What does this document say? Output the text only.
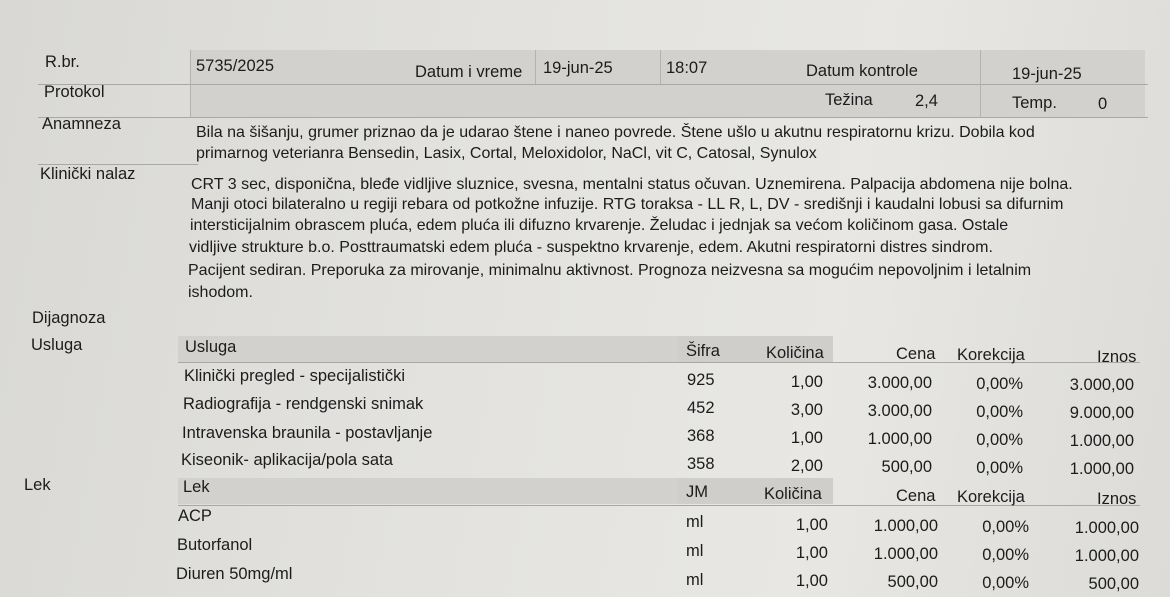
R.br.	5735/2025	Datum i vreme 19-jun-25	18:07	Datum kontrole	19-jun-25
Protokol	Težina	2,4	Temp. 0
Anamneza	Bila na šišanju, grumer priznao da je udarao štene i naneo povrede. Štene ušlo u akutnu respiratornu krizu. Dobila kod
primarnog veterianra Bensedin, Lasix, Cortal, Meloxidolor, NaCl, vit C, Catosal, Synulox
Klinički nalaz
CRT 3 sec, disponična, bleđe vidljive sluznice, svesna, mentalni status očuvan. Uznemirena. Palpacija abdomena nije bolna.
Manji otoci bilateralno u regiji rebara od potkožne infuzije. RTG toraksa - LL R, L, DV - središnji i kaudalni lobusi sa difurnim
intersticijalnim obrascem pluća, edem pluća ili difuzno krvarenje. Želudac i jednjak sa većom količinom gasa. Ostale
vidljive strukture b.o. Posttraumatski edem pluća - suspektno krvarenje, edem. Akutni respiratorni distres sindrom.
Pacijent sediran. Preporuka za mirovanje, minimalnu aktivnost. Prognoza neizvesna sa mogućim nepovoljnim i letalnim
ishodom.
Dijagnoza
Usluga	Usluga	Šifra	Količina	Cena Korekcija	Iznos
Klinički pregled - specijalistički	925	1,00	3.000,00	0,00%	3.000,00
Radiografija - rendgenski snimak	452	3,00	3.000,00	0,00%	9.000,00
Intravenska braunila - postavljanje	368	1,00	1.000,00	0,00%	1.000,00
Kiseonik- aplikacija/pola sata	358	2,00	500,00	0,00%	1.000,00
Lek	Lek	JM	Količina	Cena Korekcija	Iznos
ACP	ml	1,00	1.000,00	0,00%	1.000,00
Butorfanol	ml	1,00	1.000,00	0,00%	1.000,00
Diuren 50mg/ml	ml	1,00	500,00	0,00%	500,00
